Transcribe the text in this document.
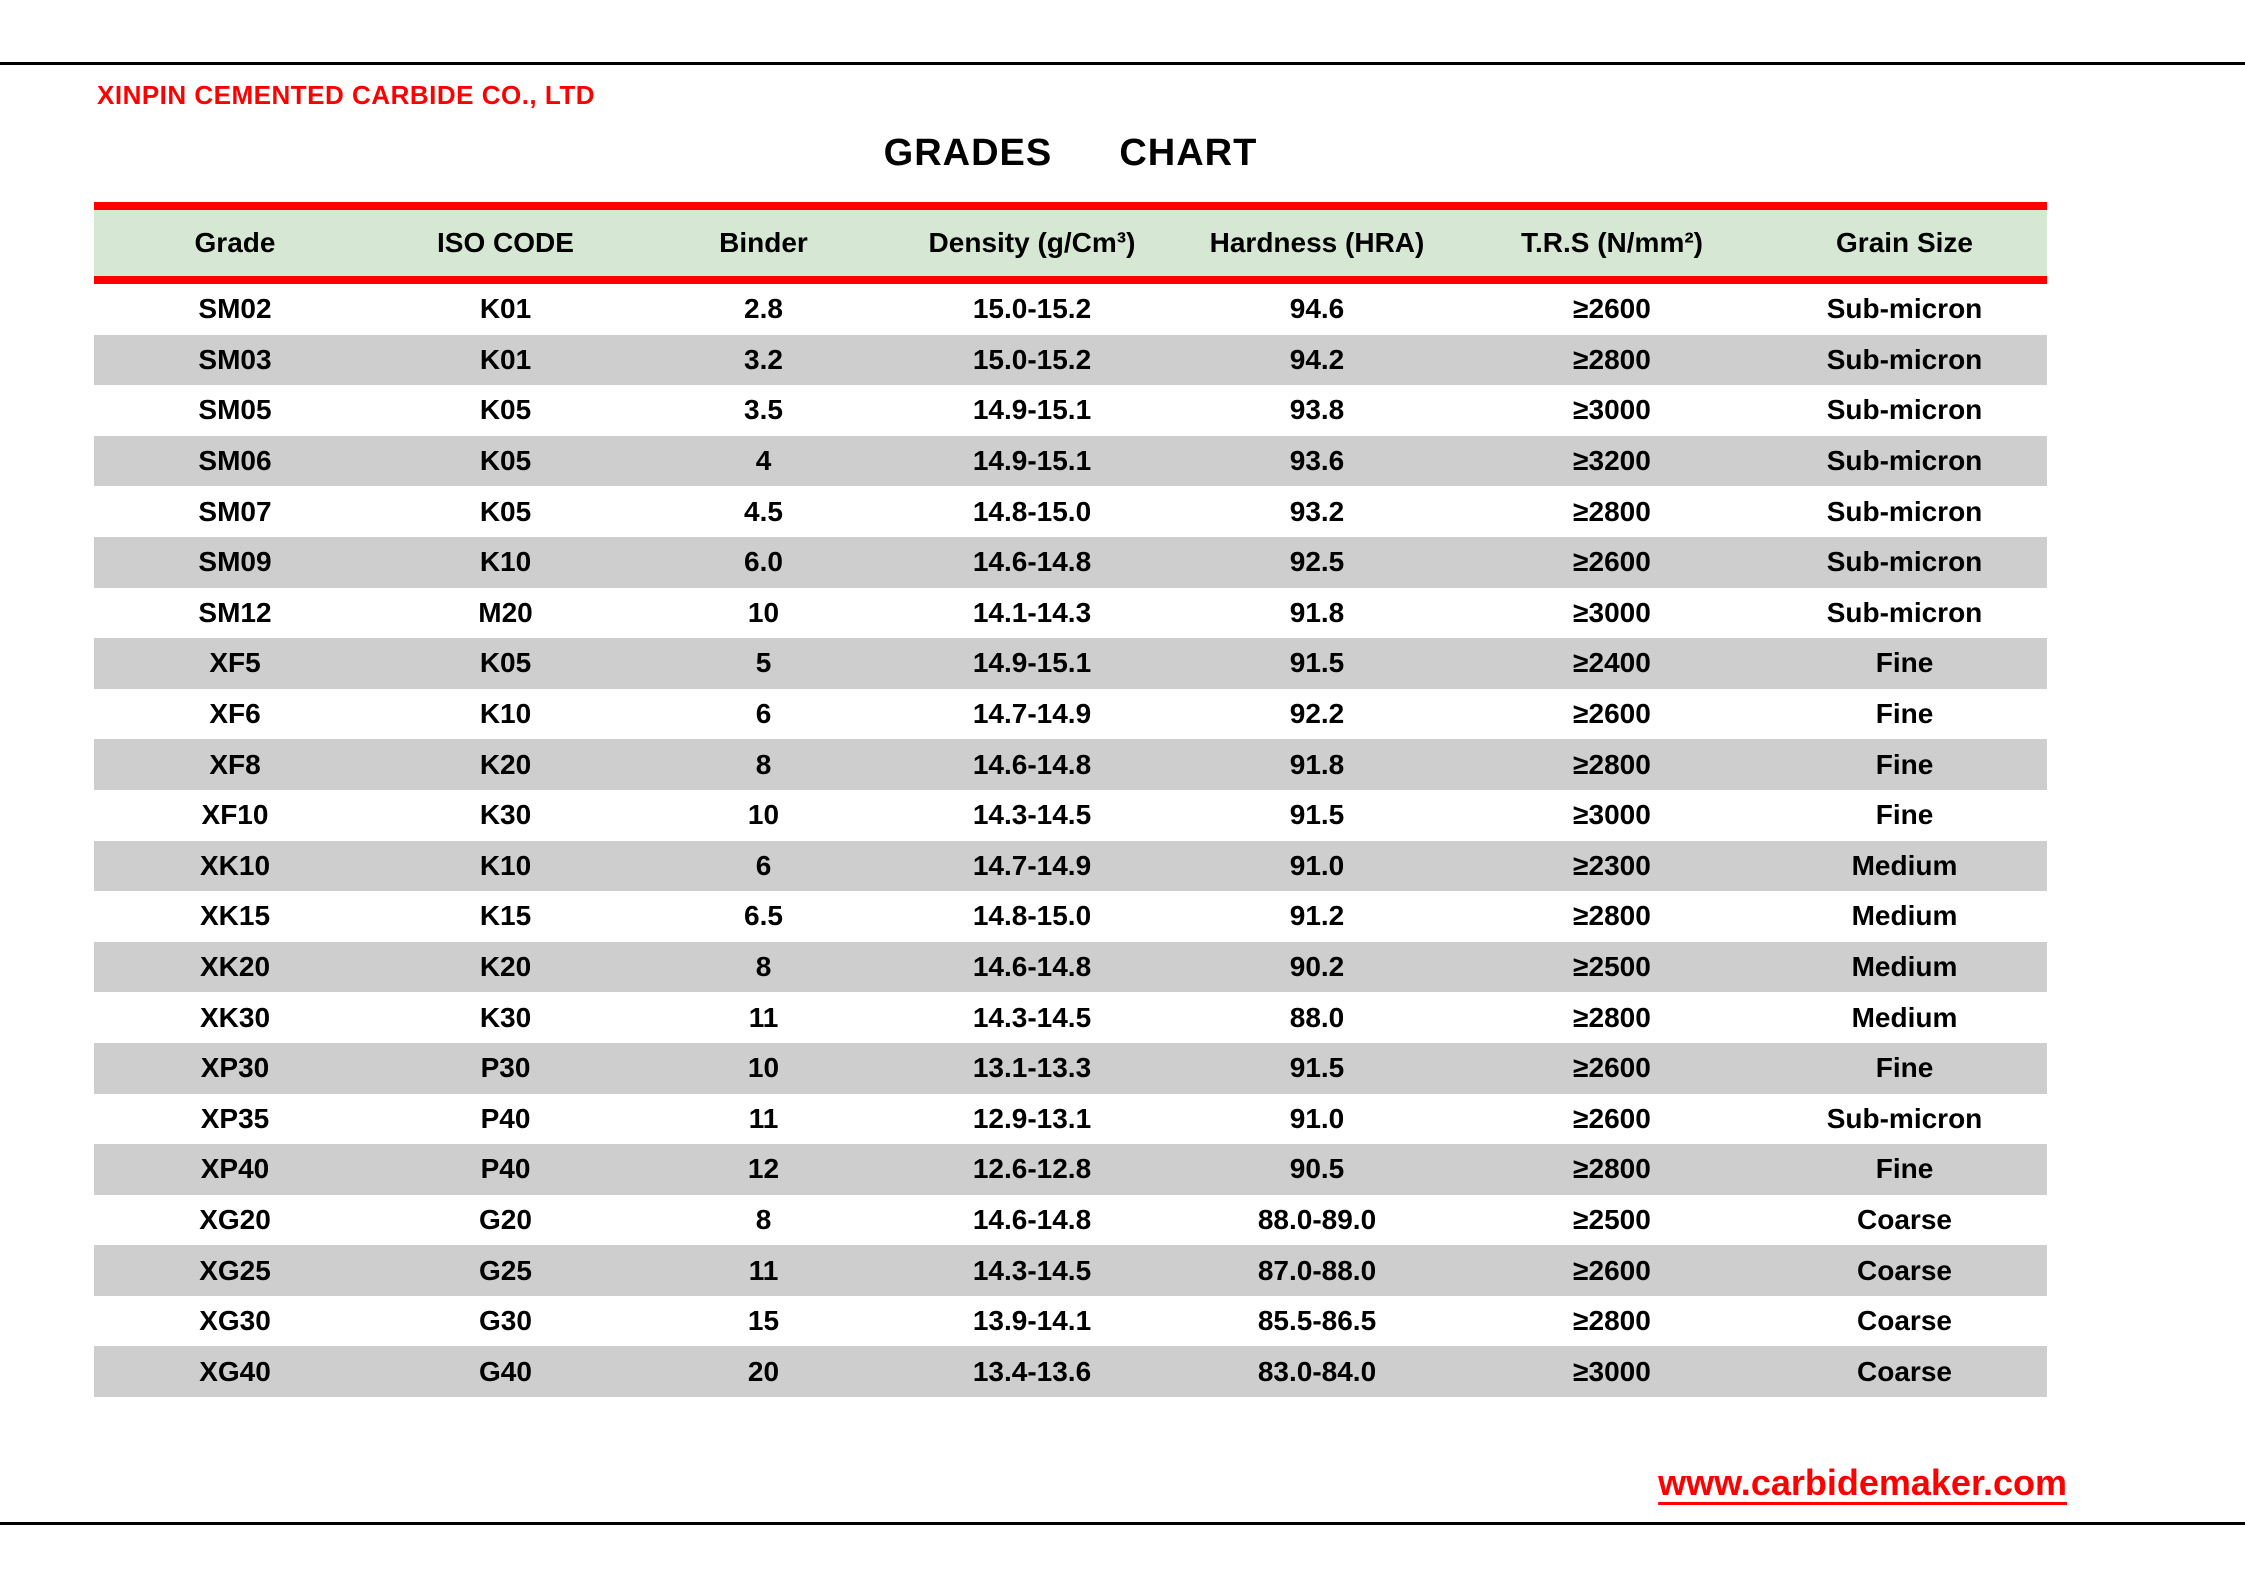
XINPIN CEMENTED CARBIDE CO., LTD
GRADES  CHART
Grade	ISO CODE	Binder	Density (g/Cm³)	Hardness (HRA)	T.R.S (N/mm²)	Grain Size
SM02	K01	2.8	15.0-15.2	94.6	≥2600	Sub-micron
SM03	K01	3.2	15.0-15.2	94.2	≥2800	Sub-micron
SM05	K05	3.5	14.9-15.1	93.8	≥3000	Sub-micron
SM06	K05	4	14.9-15.1	93.6	≥3200	Sub-micron
SM07	K05	4.5	14.8-15.0	93.2	≥2800	Sub-micron
SM09	K10	6.0	14.6-14.8	92.5	≥2600	Sub-micron
SM12	M20	10	14.1-14.3	91.8	≥3000	Sub-micron
XF5	K05	5	14.9-15.1	91.5	≥2400	Fine
XF6	K10	6	14.7-14.9	92.2	≥2600	Fine
XF8	K20	8	14.6-14.8	91.8	≥2800	Fine
XF10	K30	10	14.3-14.5	91.5	≥3000	Fine
XK10	K10	6	14.7-14.9	91.0	≥2300	Medium
XK15	K15	6.5	14.8-15.0	91.2	≥2800	Medium
XK20	K20	8	14.6-14.8	90.2	≥2500	Medium
XK30	K30	11	14.3-14.5	88.0	≥2800	Medium
XP30	P30	10	13.1-13.3	91.5	≥2600	Fine
XP35	P40	11	12.9-13.1	91.0	≥2600	Sub-micron
XP40	P40	12	12.6-12.8	90.5	≥2800	Fine
XG20	G20	8	14.6-14.8	88.0-89.0	≥2500	Coarse
XG25	G25	11	14.3-14.5	87.0-88.0	≥2600	Coarse
XG30	G30	15	13.9-14.1	85.5-86.5	≥2800	Coarse
XG40	G40	20	13.4-13.6	83.0-84.0	≥3000	Coarse
www.carbidemaker.com
